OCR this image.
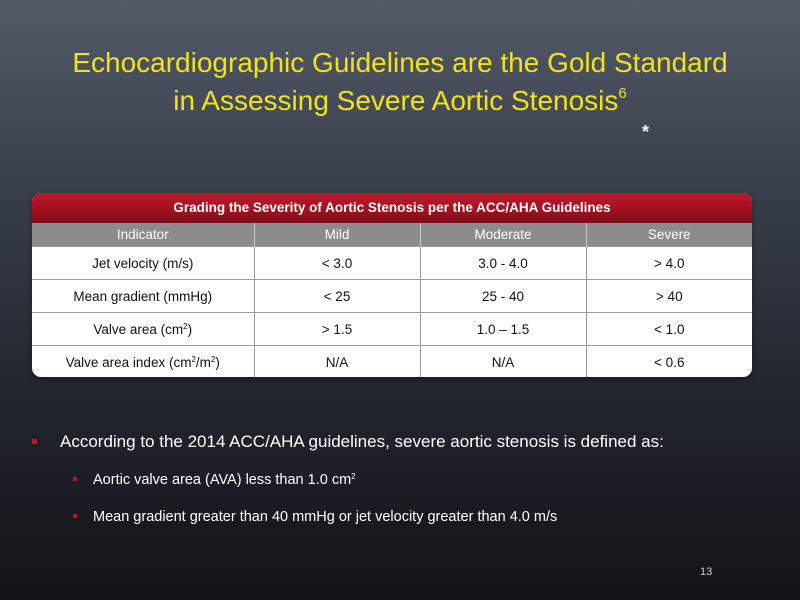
Echocardiographic Guidelines are the Gold Standard
in Assessing Severe Aortic Stenosis$^6$
*
Grading the Severity of Aortic Stenosis per the ACC/AHA Guidelines
Indicator	Mild	Moderate	Severe
Jet velocity (m/s)	< 3.0	3.0 - 4.0	> 4.0
Mean gradient (mmHg)	< 25	25 - 40	> 40
Valve area $(cm^2)$	> 1.5	1.0 – 1.5	< 1.0
Valve area index $(cm^2/m^2)$	N/A	N/A	< 0.6
According to the 2014 ACC/AHA guidelines, severe aortic stenosis is defined as:
Aortic valve area (AVA) less than 1.0 $cm^2$
Mean gradient greater than 40 mmHg or jet velocity greater than 4.0 m/s
13
